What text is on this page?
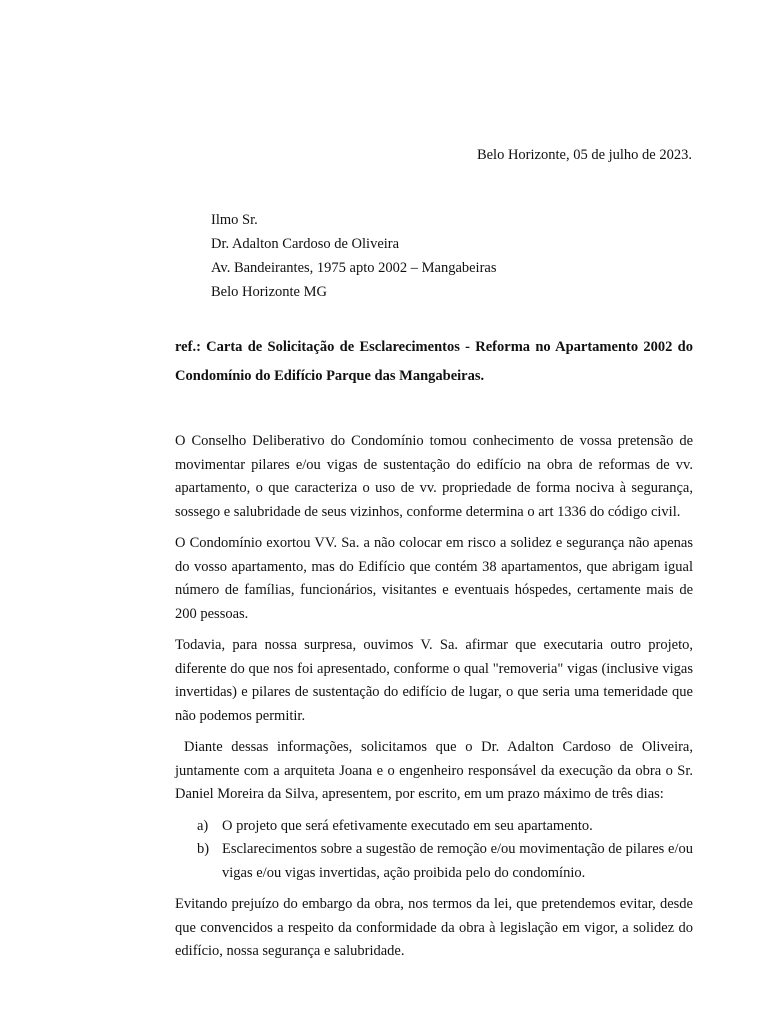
Belo Horizonte, 05 de julho de 2023.
Ilmo Sr.
Dr. Adalton Cardoso de Oliveira
Av. Bandeirantes, 1975 apto 2002 – Mangabeiras
Belo Horizonte MG
ref.: Carta de Solicitação de Esclarecimentos - Reforma no Apartamento 2002 do Condomínio do Edifício Parque das Mangabeiras.

O Conselho Deliberativo do Condomínio tomou conhecimento de vossa pretensão de movimentar pilares e/ou vigas de sustentação do edifício na obra de reformas de vv. apartamento, o que caracteriza o uso de vv. propriedade de forma nociva à segurança, sossego e salubridade de seus vizinhos, conforme determina o art 1336 do código civil.

O Condomínio exortou VV. Sa. a não colocar em risco a solidez e segurança não apenas do vosso apartamento, mas do Edifício que contém 38 apartamentos, que abrigam igual número de famílias, funcionários, visitantes e eventuais hóspedes, certamente mais de 200 pessoas.

Todavia, para nossa surpresa, ouvimos V. Sa. afirmar que executaria outro projeto, diferente do que nos foi apresentado, conforme o qual "removeria" vigas (inclusive vigas invertidas) e pilares de sustentação do edifício de lugar, o que seria uma temeridade que não podemos permitir.

Diante dessas informações, solicitamos que o Dr. Adalton Cardoso de Oliveira, juntamente com a arquiteta Joana e o engenheiro responsável da execução da obra o Sr. Daniel Moreira da Silva, apresentem, por escrito, em um prazo máximo de três dias:

a) O projeto que será efetivamente executado em seu apartamento.
b) Esclarecimentos sobre a sugestão de remoção e/ou movimentação de pilares e/ou vigas e/ou vigas invertidas, ação proibida pelo do condomínio.

Evitando prejuízo do embargo da obra, nos termos da lei, que pretendemos evitar, desde que convencidos a respeito da conformidade da obra à legislação em vigor, a solidez do edifício, nossa segurança e salubridade.
